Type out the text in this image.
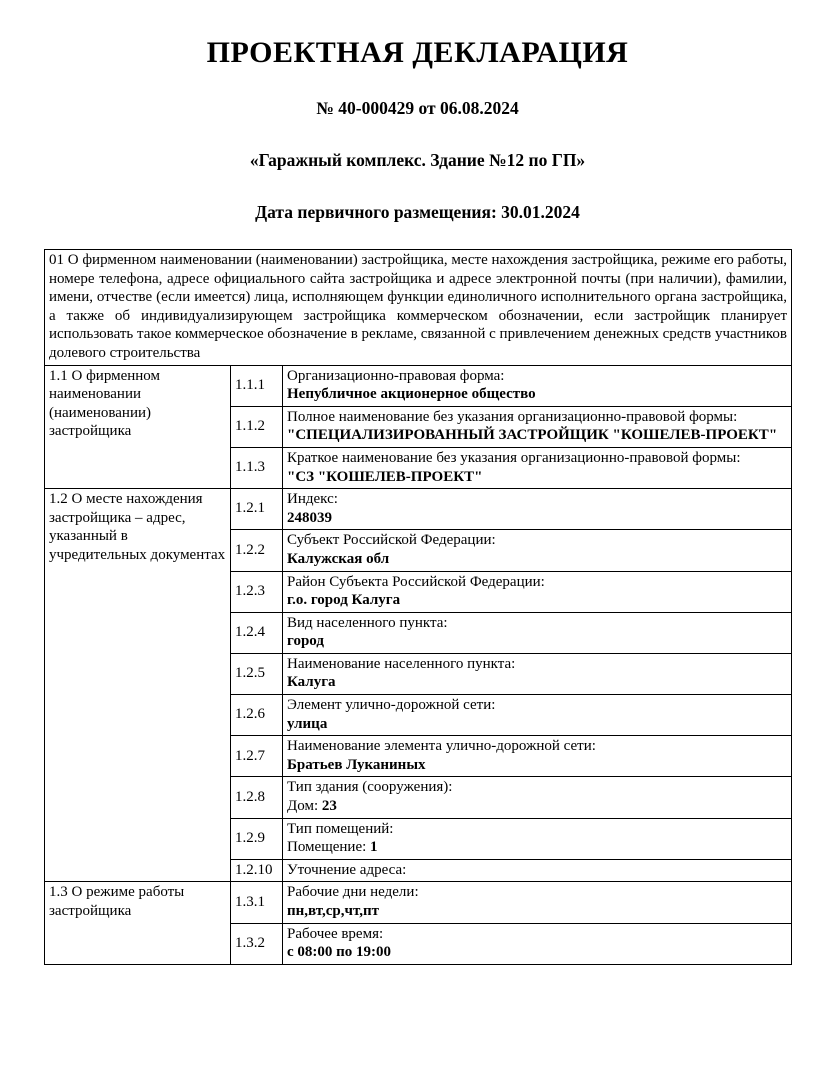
ПРОЕКТНАЯ ДЕКЛАРАЦИЯ
№ 40-000429 от 06.08.2024
«Гаражный комплекс. Здание №12 по ГП»
Дата первичного размещения: 30.01.2024
01 О фирменном наименовании (наименовании) застройщика, месте нахождения застройщика, режиме его работы, номере телефона, адресе официального сайта застройщика и адресе электронной почты (при наличии), фамилии, имени, отчестве (если имеется) лица, исполняющем функции единоличного исполнительного органа застройщика, а также об индивидуализирующем застройщика коммерческом обозначении, если застройщик планирует использовать такое коммерческое обозначение в рекламе, связанной с привлечением денежных средств участников долевого строительства		
1.1 О фирменном наименовании (наименовании) застройщика	1.1.1	Организационно-правовая форма:
Непубличное акционерное общество

	1.1.2	Полное наименование без указания организационно-правовой формы:
"СПЕЦИАЛИЗИРОВАННЫЙ ЗАСТРОЙЩИК "КОШЕЛЕВ-ПРОЕКТ"

	1.1.3	Краткое наименование без указания организационно-правовой формы:
"СЗ "КОШЕЛЕВ-ПРОЕКТ"

1.2 О месте нахождения застройщика – адрес, указанный в учредительных документах	1.2.1	Индекс:
248039

	1.2.2	Субъект Российской Федерации:
Калужская обл

	1.2.3	Район Субъекта Российской Федерации:
г.о. город Калуга

	1.2.4	Вид населенного пункта:
город

	1.2.5	Наименование населенного пункта:
Калуга

	1.2.6	Элемент улично-дорожной сети:
улица

	1.2.7	Наименование элемента улично-дорожной сети:
Братьев Луканиных

	1.2.8	Тип здания (сооружения):
Дом: 23

	1.2.9	Тип помещений:
Помещение: 1

	1.2.10	Уточнение адреса:

1.3 О режиме работы застройщика	1.3.1	Рабочие дни недели:
пн,вт,ср,чт,пт

	1.3.2	Рабочее время:
с 08:00 по 19:00
